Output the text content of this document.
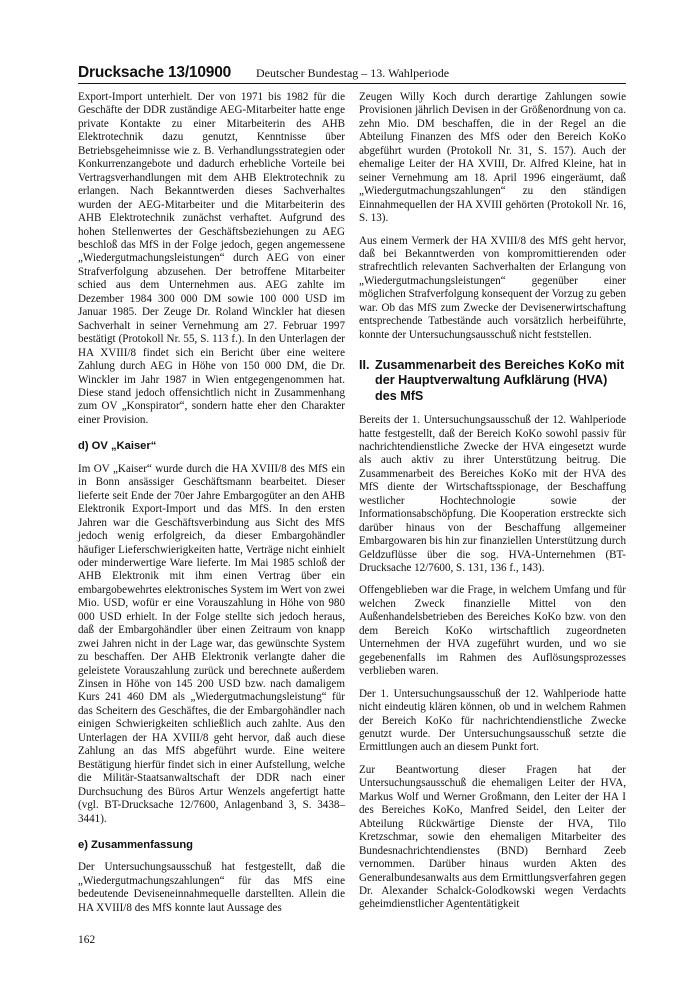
Drucksache 13/10900 Deutscher Bundestag – 13. Wahlperiode

Export-Import unterhielt. Der von 1971 bis 1982 für die Geschäfte der DDR zuständige AEG-Mitarbeiter hatte enge private Kontakte zu einer Mitarbeiterin des AHB Elektrotechnik dazu genutzt, Kenntnisse über Betriebsgeheimnisse wie z. B. Verhandlungsstrategien oder Konkurrenzangebote und dadurch erhebliche Vorteile bei Vertragsverhandlungen mit dem AHB Elektrotechnik zu erlangen. Nach Bekanntwerden dieses Sachverhaltes wurden der AEG-Mitarbeiter und die Mitarbeiterin des AHB Elektrotechnik zunächst verhaftet. Aufgrund des hohen Stellenwertes der Geschäftsbeziehungen zu AEG beschloß das MfS in der Folge jedoch, gegen angemessene „Wiedergutmachungsleistungen“ durch AEG von einer Strafverfolgung abzusehen. Der betroffene Mitarbeiter schied aus dem Unternehmen aus. AEG zahlte im Dezember 1984 300 000 DM sowie 100 000 USD im Januar 1985. Der Zeuge Dr. Roland Winckler hat diesen Sachverhalt in seiner Vernehmung am 27. Februar 1997 bestätigt (Protokoll Nr. 55, S. 113 f.). In den Unterlagen der HA XVIII/8 findet sich ein Bericht über eine weitere Zahlung durch AEG in Höhe von 150 000 DM, die Dr. Winckler im Jahr 1987 in Wien entgegengenommen hat. Diese stand jedoch offensichtlich nicht in Zusammenhang zum OV „Konspirator“, sondern hatte eher den Charakter einer Provision.

d) OV „Kaiser“

Im OV „Kaiser“ wurde durch die HA XVIII/8 des MfS ein in Bonn ansässiger Geschäftsmann bearbeitet. Dieser lieferte seit Ende der 70er Jahre Embargogüter an den AHB Elektronik Export-Import und das MfS. In den ersten Jahren war die Geschäftsverbindung aus Sicht des MfS jedoch wenig erfolgreich, da dieser Embargohändler häufiger Lieferschwierigkeiten hatte, Verträge nicht einhielt oder minderwertige Ware lieferte. Im Mai 1985 schloß der AHB Elektronik mit ihm einen Vertrag über ein embargobewehrtes elektronisches System im Wert von zwei Mio. USD, wofür er eine Vorauszahlung in Höhe von 980 000 USD erhielt. In der Folge stellte sich jedoch heraus, daß der Embargohändler über einen Zeitraum von knapp zwei Jahren nicht in der Lage war, das gewünschte System zu beschaffen. Der AHB Elektronik verlangte daher die geleistete Vorauszahlung zurück und berechnete außerdem Zinsen in Höhe von 145 200 USD bzw. nach damaligem Kurs 241 460 DM als „Wiedergutmachungsleistung“ für das Scheitern des Geschäftes, die der Embargohändler nach einigen Schwierigkeiten schließlich auch zahlte. Aus den Unterlagen der HA XVIII/8 geht hervor, daß auch diese Zahlung an das MfS abgeführt wurde. Eine weitere Bestätigung hierfür findet sich in einer Aufstellung, welche die Militär-Staatsanwaltschaft der DDR nach einer Durchsuchung des Büros Artur Wenzels angefertigt hatte (vgl. BT-Drucksache 12/7600, Anlagenband 3, S. 3438–3441).

e) Zusammenfassung

Der Untersuchungsausschuß hat festgestellt, daß die „Wiedergutmachungszahlungen“ für das MfS eine bedeutende Deviseneinnahmequelle darstellten. Allein die HA XVIII/8 des MfS konnte laut Aussage des

Zeugen Willy Koch durch derartige Zahlungen sowie Provisionen jährlich Devisen in der Größenordnung von ca. zehn Mio. DM beschaffen, die in der Regel an die Abteilung Finanzen des MfS oder den Bereich KoKo abgeführt wurden (Protokoll Nr. 31, S. 157). Auch der ehemalige Leiter der HA XVIII, Dr. Alfred Kleine, hat in seiner Vernehmung am 18. April 1996 eingeräumt, daß „Wiedergutmachungszahlungen“ zu den ständigen Einnahmequellen der HA XVIII gehörten (Protokoll Nr. 16, S. 13).

Aus einem Vermerk der HA XVIII/8 des MfS geht hervor, daß bei Bekanntwerden von kompromittierenden oder strafrechtlich relevanten Sachverhalten der Erlangung von „Wiedergutmachungsleistungen“ gegenüber einer möglichen Strafverfolgung konsequent der Vorzug zu geben war. Ob das MfS zum Zwecke der Devisenerwirtschaftung entsprechende Tatbestände auch vorsätzlich herbeiführte, konnte der Untersuchungsausschuß nicht feststellen.

II. Zusammenarbeit des Bereiches KoKo mit der Hauptverwaltung Aufklärung (HVA) des MfS

Bereits der 1. Untersuchungsausschuß der 12. Wahlperiode hatte festgestellt, daß der Bereich KoKo sowohl passiv für nachrichtendienstliche Zwecke der HVA eingesetzt wurde als auch aktiv zu ihrer Unterstützung beitrug. Die Zusammenarbeit des Bereiches KoKo mit der HVA des MfS diente der Wirtschaftsspionage, der Beschaffung westlicher Hochtechnologie sowie der Informationsabschöpfung. Die Kooperation erstreckte sich darüber hinaus von der Beschaffung allgemeiner Embargowaren bis hin zur finanziellen Unterstützung durch Geldzuflüsse über die sog. HVA-Unternehmen (BT-Drucksache 12/7600, S. 131, 136 f., 143).

Offengeblieben war die Frage, in welchem Umfang und für welchen Zweck finanzielle Mittel von den Außenhandelsbetrieben des Bereiches KoKo bzw. von den dem Bereich KoKo wirtschaftlich zugeordneten Unternehmen der HVA zugeführt wurden, und wo sie gegebenenfalls im Rahmen des Auflösungsprozesses verblieben waren.

Der 1. Untersuchungsausschuß der 12. Wahlperiode hatte nicht eindeutig klären können, ob und in welchem Rahmen der Bereich KoKo für nachrichtendienstliche Zwecke genutzt wurde. Der Untersuchungsausschuß setzte die Ermittlungen auch an diesem Punkt fort.

Zur Beantwortung dieser Fragen hat der Untersuchungsausschuß die ehemaligen Leiter der HVA, Markus Wolf und Werner Großmann, den Leiter der HA I des Bereiches KoKo, Manfred Seidel, den Leiter der Abteilung Rückwärtige Dienste der HVA, Tilo Kretzschmar, sowie den ehemaligen Mitarbeiter des Bundesnachrichtendienstes (BND) Bernhard Zeeb vernommen. Darüber hinaus wurden Akten des Generalbundesanwalts aus dem Ermittlungsverfahren gegen Dr. Alexander Schalck-Golodkowski wegen Verdachts geheimdienstlicher Agententätigkeit

162
